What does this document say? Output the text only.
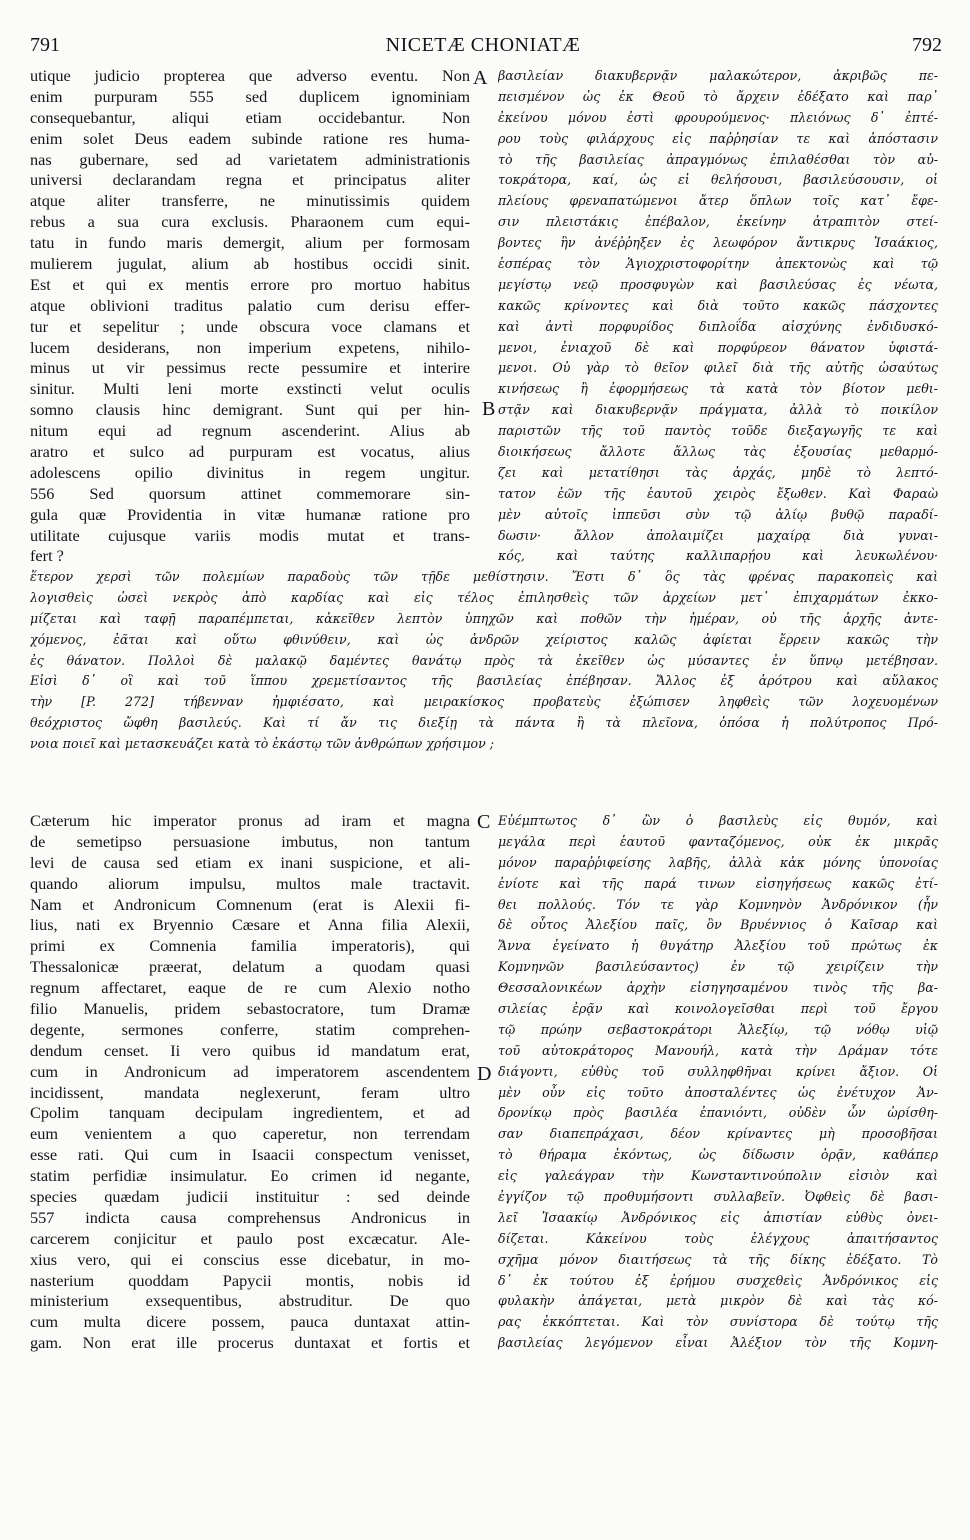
791	NICETÆ CHONIATÆ	792
A
B
C
D
utique judicio propterea que adverso eventu. Non
enim purpuram 555 sed duplicem ignominiam
consequebantur, aliqui etiam occidebantur. Non
enim solet Deus eadem subinde ratione res huma-
nas gubernare, sed ad varietatem administrationis
universi declarandam regna et principatus aliter
atque aliter transferre, ne minutissimis quidem
rebus a sua cura exclusis. Pharaonem cum equi-
tatu in fundo maris demergit, alium per formosam
mulierem jugulat, alium ab hostibus occidi sinit.
Est et qui ex mentis errore pro mortuo habitus
atque oblivioni traditus palatio cum derisu effer-
tur et sepelitur ; unde obscura voce clamans et
lucem desiderans, non imperium expetens, nihilo-
minus ut vir pessimus recte pessumire et interire
sinitur. Multi leni morte exstincti velut oculis
somno clausis hinc demigrant. Sunt qui per hin-
nitum equi ad regnum ascenderint. Alius ab
aratro et sulco ad purpuram est vocatus, alius
adolescens opilio divinitus in regem ungitur.
556 Sed quorsum attinet commemorare sin-
gula quæ Providentia in vitæ humanæ ratione pro
utilitate cujusque variis modis mutat et trans-
fert ?
βασιλείαν διακυβερνᾷν μαλακώτερον, ἀκριβῶς πε-
πεισμένον ὡς ἐκ Θεοῦ τὸ ἄρχειν ἐδέξατο καὶ παρ᾽
ἐκείνου μόνου ἐστὶ φρουρούμενος· πλειόνως δ᾽ ἐπτέ-
ρου τοὺς φιλάρχους εἰς παῤῥησίαν τε καὶ ἀπόστασιν
τὸ τῆς βασιλείας ἀπραγμόνως ἐπιλαθέσθαι τὸν αὐ-
τοκράτορα, καί, ὡς εἰ θελήσουσι, βασιλεύσουσιν, οἱ
πλείους φρεναπατώμενοι ἄτερ ὅπλων τοῖς κατ᾽ ἔφε-
σιν πλειστάκις ἐπέβαλον, ἐκείνην ἀτραπιτὸν στεί-
βοντες ἣν ἀνέῤῥηξεν ἐς λεωφόρον ἄντικρυς Ἰσαάκιος,
ἑσπέρας τὸν Ἁγιοχριστοφορίτην ἀπεκτονὼς καὶ τῷ
μεγίστῳ νεῷ προσφυγὼν καὶ βασιλεύσας ἐς νέωτα,
κακῶς κρίνοντες καὶ διὰ τοῦτο κακῶς πάσχοντες
καὶ ἀντὶ πορφυρίδος διπλοΐδα αἰσχύνης ἐνδιδυσκό-
μενοι, ἐνιαχοῦ δὲ καὶ πορφύρεον θάνατον ὑφιστά-
μενοι. Οὐ γὰρ τὸ θεῖον φιλεῖ διὰ τῆς αὐτῆς ὡσαύτως
κινήσεως ἢ ἐφορμήσεως τὰ κατὰ τὸν βίοτον μεθι-
στᾷν καὶ διακυβερνᾷν πράγματα, ἀλλὰ τὸ ποικίλον
παριστῶν τῆς τοῦ παντὸς τοῦδε διεξαγωγῆς τε καὶ
διοικήσεως ἄλλοτε ἄλλως τὰς ἐξουσίας μεθαρμό-
ζει καὶ μετατίθησι τὰς ἀρχάς, μηδὲ τὸ λεπτό-
τατον ἐῶν τῆς ἑαυτοῦ χειρὸς ἔξωθεν. Καὶ Φαραὼ
μὲν αὐτοῖς ἱππεῦσι σὺν τῷ ἁλίῳ βυθῷ παραδί-
δωσιν· ἄλλον ἀπολαιμίζει μαχαίρᾳ διὰ γυναι-
κός, καὶ ταύτης καλλιπαρῄου καὶ λευκωλένου·
ἕτερον χερσὶ τῶν πολεμίων παραδοὺς τῶν τῇδε μεθίστησιν. Ἔστι δ᾽ ὃς τὰς φρένας παρακοπεὶς καὶ
λογισθεὶς ὡσεὶ νεκρὸς ἀπὸ καρδίας καὶ εἰς τέλος ἐπιλησθεὶς τῶν ἀρχείων μετ᾽ ἐπιχαρμάτων ἐκκο-
μίζεται καὶ ταφῇ παραπέμπεται, κἀκεῖθεν λεπτὸν ὑπηχῶν καὶ ποθῶν τὴν ἡμέραν, οὐ τῆς ἀρχῆς ἀντε-
χόμενος, ἐᾶται καὶ οὕτω φθινύθειν, καὶ ὡς ἀνδρῶν χείριστος καλῶς ἀφίεται ἔρρειν κακῶς τὴν
ἐς θάνατον. Πολλοὶ δὲ μαλακῷ δαμέντες θανάτῳ πρὸς τὰ ἐκεῖθεν ὡς μύσαντες ἐν ὕπνῳ μετέβησαν.
Εἰσὶ δ᾽ οἳ καὶ τοῦ ἵππου χρεμετίσαντος τῆς βασιλείας ἐπέβησαν. Ἄλλος ἐξ ἀρότρου καὶ αὔλακος
τὴν [P. 272] τήβενναν ἠμφιέσατο, καὶ μειρακίσκος προβατεὺς ἐξώπισεν ληφθεὶς τῶν λοχευομένων
θεόχριστος ὤφθη βασιλεύς. Καὶ τί ἄν τις διεξίῃ τὰ πάντα ἢ τὰ πλεῖονα, ὁπόσα ἡ πολύτροπος Πρό-
νοια ποιεῖ καὶ μετασκευάζει κατὰ τὸ ἑκάστῳ τῶν ἀνθρώπων χρήσιμον ;
Cæterum hic imperator pronus ad iram et magna
de semetipso persuasione imbutus, non tantum
levi de causa sed etiam ex inani suspicione, et ali-
quando aliorum impulsu, multos male tractavit.
Nam et Andronicum Comnenum (erat is Alexii fi-
lius, nati ex Bryennio Cæsare et Anna filia Alexii,
primi ex Comnenia familia imperatoris), qui
Thessalonicæ præerat, delatum a quodam quasi
regnum affectaret, eaque de re cum Alexio notho
filio Manuelis, pridem sebastocratore, tum Dramæ
degente, sermones conferre, statim comprehen-
dendum censet. Ii vero quibus id mandatum erat,
cum in Andronicum ad imperatorem ascendentem
incidissent, mandata neglexerunt, feram ultro
Cpolim tanquam decipulam ingredientem, et ad
eum venientem a quo caperetur, non terrendam
esse rati. Qui cum in Isaacii conspectum venisset,
statim perfidiæ insimulatur. Eo crimen id negante,
species quædam judicii instituitur : sed deinde
557 indicta causa comprehensus Andronicus in
carcerem conjicitur et paulo post excæcatur. Ale-
xius vero, qui ei conscius esse dicebatur, in mo-
nasterium quoddam Papycii montis, nobis id
ministerium exsequentibus, abstruditur. De quo
cum multa dicere possem, pauca duntaxat attin-
gam. Non erat ille procerus duntaxat et fortis et
Εὐέμπτωτος δ᾽ ὢν ὁ βασιλεὺς εἰς θυμόν, καὶ
μεγάλα περὶ ἑαυτοῦ φανταζόμενος, οὐκ ἐκ μικρᾶς
μόνον παραῤῥιφείσης λαβῆς, ἀλλὰ κἀκ μόνης ὑπονοίας
ἐνίοτε καὶ τῆς παρά τινων εἰσηγήσεως κακῶς ἐτί-
θει πολλούς. Τόν τε γὰρ Κομνηνὸν Ἀνδρόνικον (ἦν
δὲ οὗτος Ἀλεξίου παῖς, ὃν Βρυέννιος ὁ Καῖσαρ καὶ
Ἄννα ἐγείνατο ἡ θυγάτηρ Ἀλεξίου τοῦ πρώτως ἐκ
Κομνηνῶν βασιλεύσαντος) ἐν τῷ χειρίζειν τὴν
Θεσσαλονικέων ἀρχὴν εἰσηγησαμένου τινὸς τῆς βα-
σιλείας ἐρᾷν καὶ κοινολογεῖσθαι περὶ τοῦ ἔργου
τῷ πρώην σεβαστοκράτορι Ἀλεξίῳ, τῷ νόθῳ υἱῷ
τοῦ αὐτοκράτορος Μανουήλ, κατὰ τὴν Δράμαν τότε
διάγοντι, εὐθὺς τοῦ συλληφθῆναι κρίνει ἄξιον. Οἱ
μὲν οὖν εἰς τοῦτο ἀποσταλέντες ὡς ἐνέτυχον Ἀν-
δρονίκῳ πρὸς βασιλέα ἐπανιόντι, οὐδὲν ὧν ὡρίσθη-
σαν διαπεπράχασι, δέον κρίναντες μὴ προσοβῆσαι
τὸ θήραμα ἑκόντως, ὡς δίδωσιν ὁρᾷν, καθάπερ
εἰς γαλεάγραν τὴν Κωνσταντινούπολιν εἰσιὸν καὶ
ἐγγίζον τῷ προθυμήσοντι συλλαβεῖν. Ὀφθεὶς δὲ βασι-
λεῖ Ἰσαακίῳ Ἀνδρόνικος εἰς ἀπιστίαν εὐθὺς ὀνει-
δίζεται. Κἀκείνου τοὺς ἐλέγχους ἀπαιτήσαντος
σχῆμα μόνον διαιτήσεως τὰ τῆς δίκης ἐδέξατο. Τὸ
δ᾽ ἐκ τούτου ἐξ ἐρήμου συσχεθεὶς Ἀνδρόνικος εἰς
φυλακὴν ἀπάγεται, μετὰ μικρὸν δὲ καὶ τὰς κό-
ρας ἐκκόπτεται. Καὶ τὸν συνίστορα δὲ τούτῳ τῆς
βασιλείας λεγόμενον εἶναι Ἀλέξιον τὸν τῆς Κομνη-
